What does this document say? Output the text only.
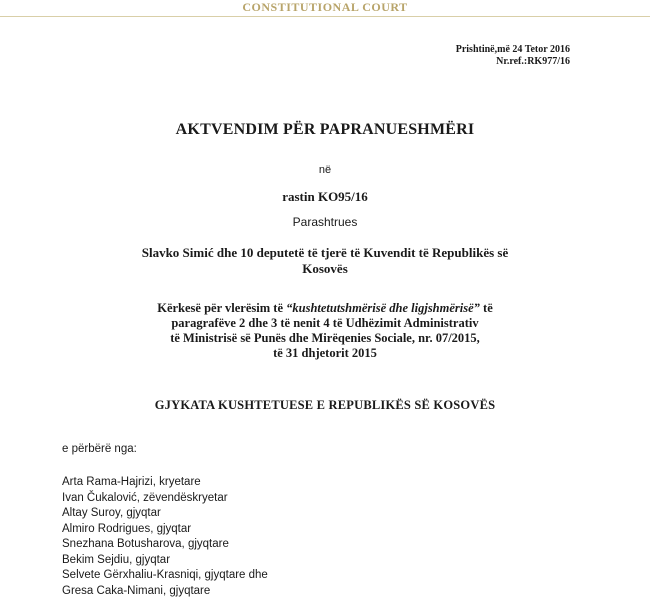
CONSTITUTIONAL COURT
Prishtinë,më 24 Tetor 2016
Nr.ref.:RK977/16
AKTVENDIM PËR PAPRANUESHMËRI
në
rastin KO95/16
Parashtrues
Slavko Simić dhe 10 deputetë të tjerë të Kuvendit të Republikës së
Kosovës
Kërkesë për vlerësim të “kushtetutshmërisë dhe ligjshmërisë” të
paragrafëve 2 dhe 3 të nenit 4 të Udhëzimit Administrativ
të Ministrisë së Punës dhe Mirëqenies Sociale, nr. 07/2015,
të 31 dhjetorit 2015
GJYKATA KUSHTETUESE E REPUBLIKËS SË KOSOVËS
e përbërë nga:
Arta Rama-Hajrizi, kryetare
Ivan Čukalović, zëvendëskryetar
Altay Suroy, gjyqtar
Almiro Rodrigues, gjyqtar
Snezhana Botusharova, gjyqtare
Bekim Sejdiu, gjyqtar
Selvete Gërxhaliu-Krasniqi, gjyqtare dhe
Gresa Caka-Nimani, gjyqtare
